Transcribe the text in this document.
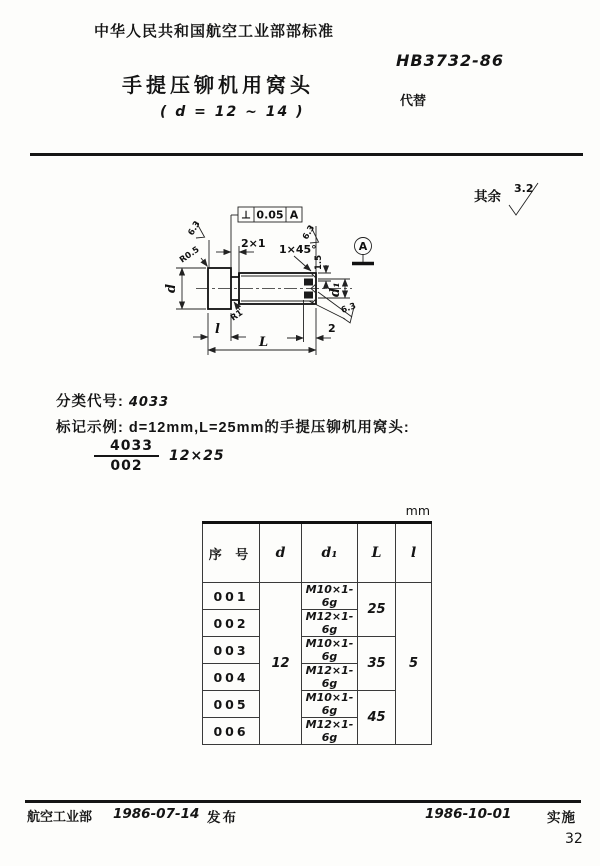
中华人民共和国航空工业部部标准
HB3732-86
代替
手提压铆机用窝头
( d = 12 ~ 14 )
其余
3.2
⊥ 0.05 A
d
l
L
2×1 1×45°
1.5
d₁
A
2
6.3
6.3
6.3
R0.5
R1
分类代号: 4033
标记示例: d=12mm,L=25mm的手提压铆机用窝头:
$\frac{4033}{002} 12\times 25$
mm
序 号	d	d₁	L	l
001	12	M10×1-6g	25	5
002		M12×1-6g		
003		M10×1-6g	35	
004		M12×1-6g		
005		M10×1-6g	45	
006		M12×1-6g		
航空工业部 1986-07-14 发布	1986-10-01	实施
32
